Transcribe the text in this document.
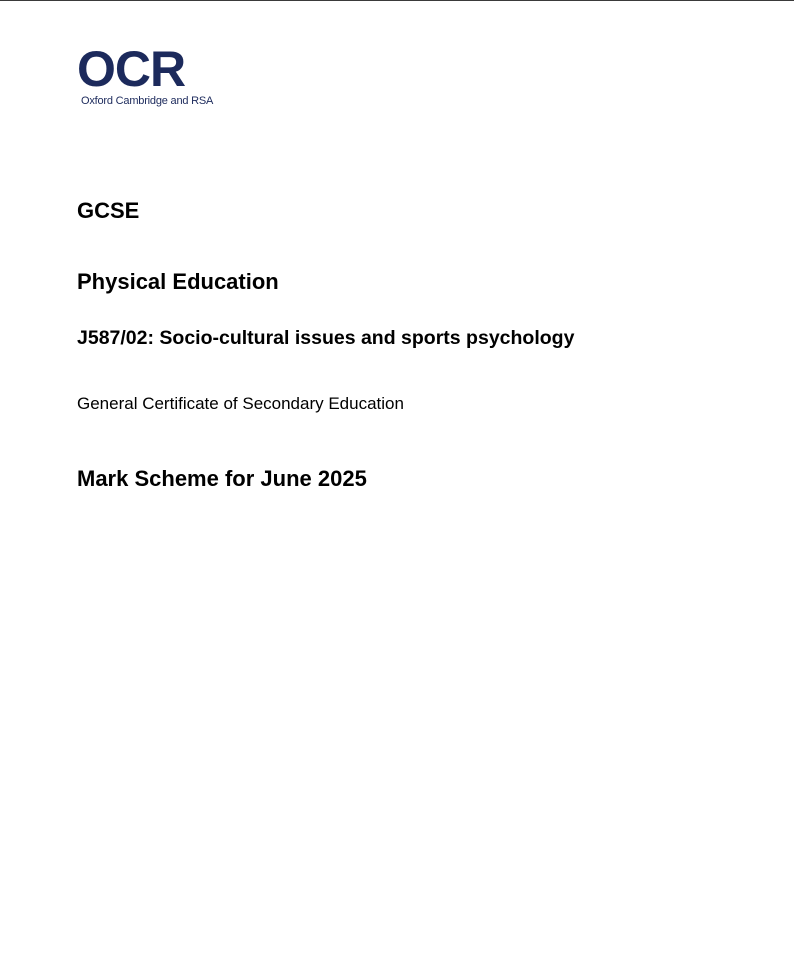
OCR
Oxford Cambridge and RSA
GCSE
Physical Education
J587/02: Socio-cultural issues and sports psychology

General Certificate of Secondary Education

Mark Scheme for June 2025
